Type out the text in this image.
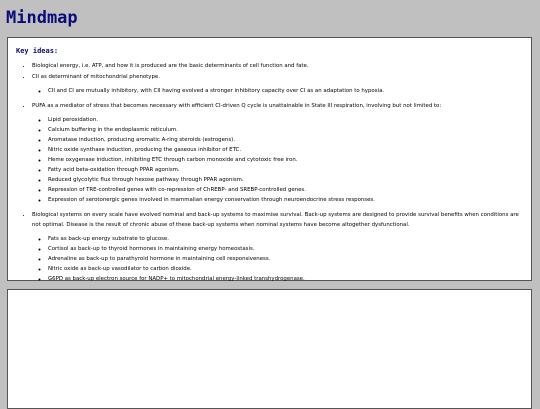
Mindmap
Key ideas:
• Biological energy, i.e. ATP, and how it is produced are the basic determinants of cell function and fate.
• CII as determinant of mitochondrial phenotype.
◦ CII and CI are mutually inhibitory, with CII having evolved a stronger inhibitory capacity over CI as an adaptation to hypoxia.
• PUFA as a mediator of stress that becomes necessary with efficient CI-driven Q cycle is unattainable in State III respiration, involving but not limited to:
◦ Lipid peroxidation.
◦ Calcium buffering in the endoplasmic reticulum.
◦ Aromatase induction, producing aromatic A-ring steroids (estrogens).
◦ Nitric oxide synthase induction, producing the gaseous inhibitor of ETC.
◦ Heme oxygenase induction, inhibiting ETC through carbon monoxide and cytotoxic free iron.
◦ Fatty acid beta-oxidation through PPAR agonism.
◦ Reduced glycolytic flux through hexose pathway through PPAR agonism.
◦ Repression of TRE-controlled genes with co-repression of ChREBP- and SREBP-controlled genes.
◦ Expression of serotonergic genes involved in mammalian energy conservation through neuroendocrine stress responses.
• Biological systems on every scale have evolved nominal and back-up systems to maximise survival. Back-up systems are designed to provide survival benefits when conditions are not optimal. Disease is the result of chronic abuse of these back-up systems when nominal systems have become altogether dysfunctional.
◦ Fats as back-up energy substrate to glucose.
◦ Cortisol as back-up to thyroid hormones in maintaining energy homeostasis.
◦ Adrenaline as back-up to parathyroid hormone in maintaining cell responsiveness.
◦ Nitric oxide as back-up vasodilator to carbon dioxide.
◦ G6PD as back-up electron source for NADP+ to mitochondrial energy-linked transhydrogenase.
